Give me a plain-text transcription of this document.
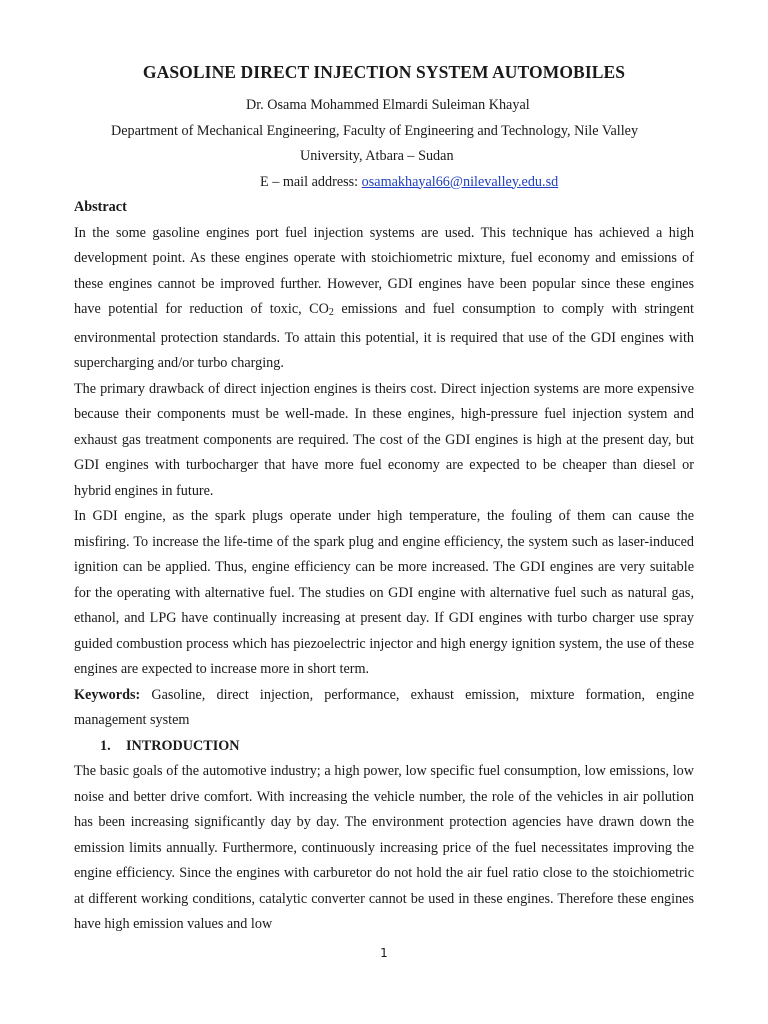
GASOLINE DIRECT INJECTION SYSTEM AUTOMOBILES
Dr. Osama Mohammed Elmardi Suleiman Khayal
Department of Mechanical Engineering, Faculty of Engineering and Technology, Nile Valley
University, Atbara – Sudan
E – mail address: osamakhayal66@nilevalley.edu.sd
Abstract

In the some gasoline engines port fuel injection systems are used. This technique has achieved a high development point. As these engines operate with stoichiometric mixture, fuel economy and emissions of these engines cannot be improved further. However, GDI engines have been popular since these engines have potential for reduction of toxic, $CO_2$ emissions and fuel consumption to comply with stringent environmental protection standards. To attain this potential, it is required that use of the GDI engines with supercharging and/or turbo charging.

The primary drawback of direct injection engines is theirs cost. Direct injection systems are more expensive because their components must be well-made. In these engines, high-pressure fuel injection system and exhaust gas treatment components are required. The cost of the GDI engines is high at the present day, but GDI engines with turbocharger that have more fuel economy are expected to be cheaper than diesel or hybrid engines in future.

In GDI engine, as the spark plugs operate under high temperature, the fouling of them can cause the misfiring. To increase the life-time of the spark plug and engine efficiency, the system such as laser-induced ignition can be applied. Thus, engine efficiency can be more increased. The GDI engines are very suitable for the operating with alternative fuel. The studies on GDI engine with alternative fuel such as natural gas, ethanol, and LPG have continually increasing at present day. If GDI engines with turbo charger use spray guided combustion process which has piezoelectric injector and high energy ignition system, the use of these engines are expected to increase more in short term.

Keywords: Gasoline, direct injection, performance, exhaust emission, mixture formation, engine management system

1. INTRODUCTION

The basic goals of the automotive industry; a high power, low specific fuel consumption, low emissions, low noise and better drive comfort. With increasing the vehicle number, the role of the vehicles in air pollution has been increasing significantly day by day. The environment protection agencies have drawn down the emission limits annually. Furthermore, continuously increasing price of the fuel necessitates improving the engine efficiency. Since the engines with carburetor do not hold the air fuel ratio close to the stoichiometric at different working conditions, catalytic converter cannot be used in these engines. Therefore these engines have high emission values and low

1
